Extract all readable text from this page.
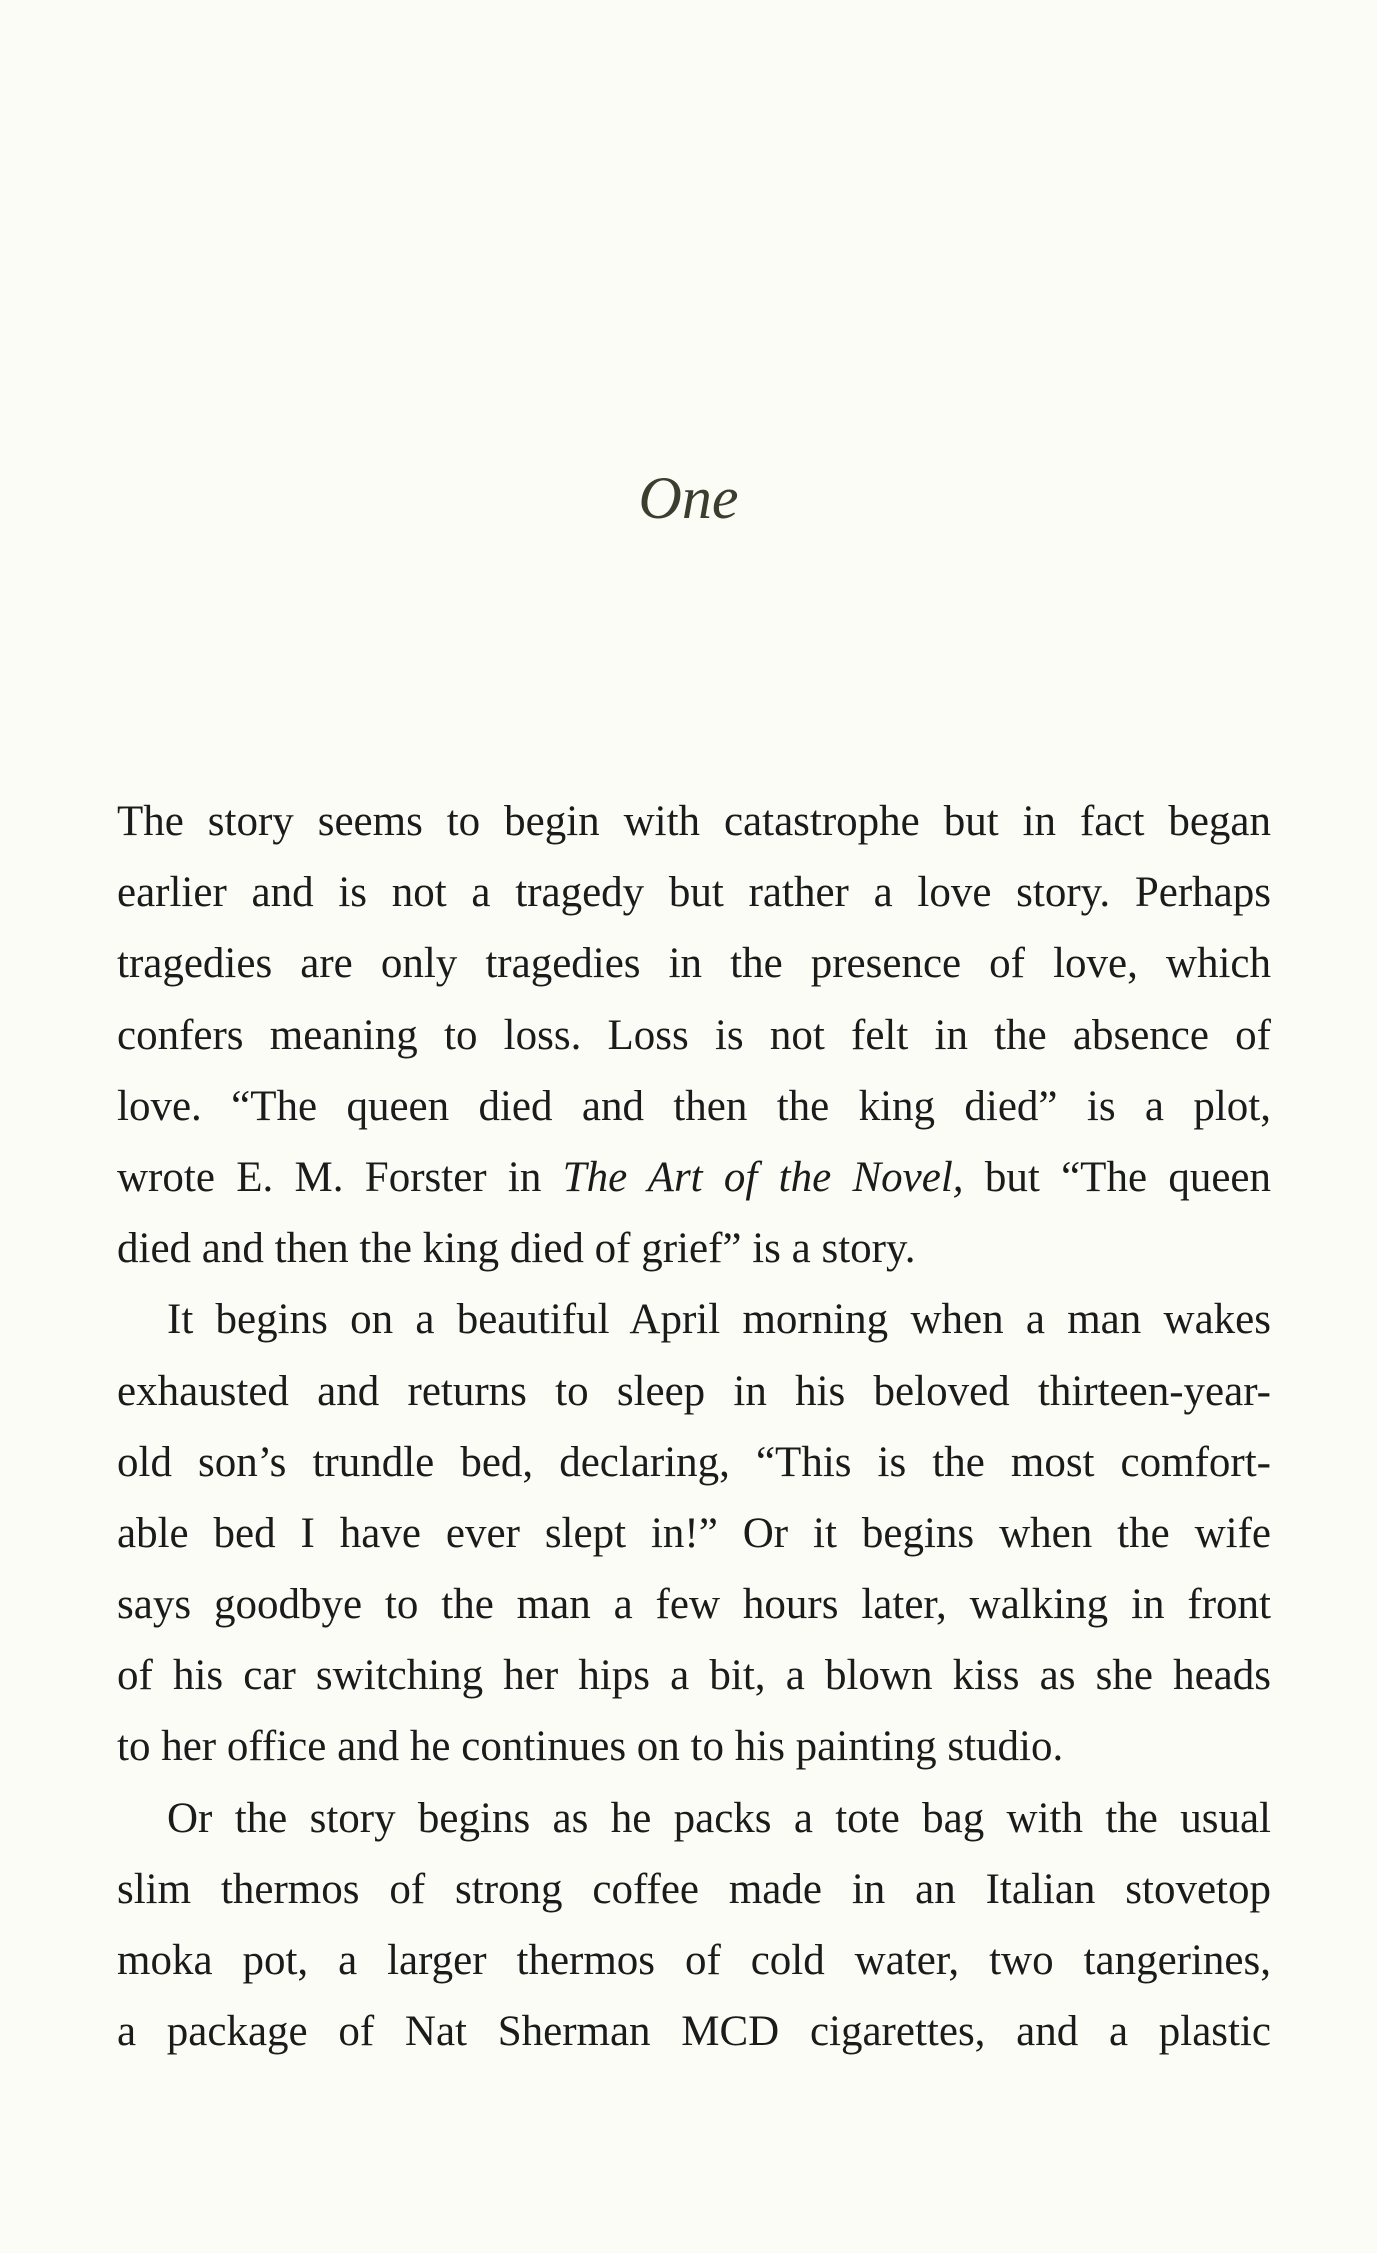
One
The story seems to begin with catastrophe but in fact began
earlier and is not a tragedy but rather a love story. Perhaps
tragedies are only tragedies in the presence of love, which
confers meaning to loss. Loss is not felt in the absence of
love. “The queen died and then the king died” is a plot,
wrote E. M. Forster in The Art of the Novel, but “The queen
died and then the king died of grief” is a story.
It begins on a beautiful April morning when a man wakes
exhausted and returns to sleep in his beloved thirteen-year-
old son’s trundle bed, declaring, “This is the most comfort-
able bed I have ever slept in!” Or it begins when the wife
says goodbye to the man a few hours later, walking in front
of his car switching her hips a bit, a blown kiss as she heads
to her office and he continues on to his painting studio.
Or the story begins as he packs a tote bag with the usual
slim thermos of strong coffee made in an Italian stovetop
moka pot, a larger thermos of cold water, two tangerines,
a package of Nat Sherman MCD cigarettes, and a plastic
